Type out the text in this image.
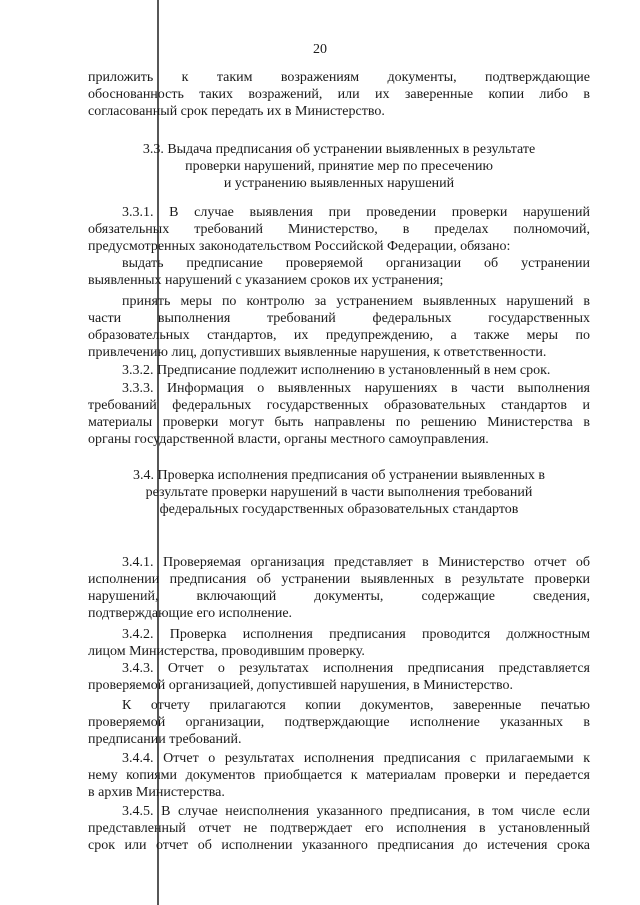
20

приложить к таким возражениям документы, подтверждающие

обоснованность таких возражений, или их заверенные копии либо в

согласованный срок передать их в Министерство.

3.3. Выдача предписания об устранении выявленных в результате

проверки нарушений, принятие мер по пресечению

и устранению выявленных нарушений

3.3.1. В случае выявления при проведении проверки нарушений

обязательных требований Министерство, в пределах полномочий,

предусмотренных законодательством Российской Федерации, обязано:

выдать предписание проверяемой организации об устранении

выявленных нарушений с указанием сроков их устранения;

принять меры по контролю за устранением выявленных нарушений в

части выполнения требований федеральных государственных

образовательных стандартов, их предупреждению, а также меры по

привлечению лиц, допустивших выявленные нарушения, к ответственности.

3.3.2. Предписание подлежит исполнению в установленный в нем срок.

3.3.3. Информация о выявленных нарушениях в части выполнения

требований федеральных государственных образовательных стандартов и

материалы проверки могут быть направлены по решению Министерства в

органы государственной власти, органы местного самоуправления.

3.4. Проверка исполнения предписания об устранении выявленных в

результате проверки нарушений в части выполнения требований

федеральных государственных образовательных стандартов

3.4.1. Проверяемая организация представляет в Министерство отчет об

исполнении предписания об устранении выявленных в результате проверки

нарушений, включающий документы, содержащие сведения,

подтверждающие его исполнение.

3.4.2. Проверка исполнения предписания проводится должностным

лицом Министерства, проводившим проверку.

3.4.3. Отчет о результатах исполнения предписания представляется

проверяемой организацией, допустившей нарушения, в Министерство.

К отчету прилагаются копии документов, заверенные печатью

проверяемой организации, подтверждающие исполнение указанных в

предписании требований.

3.4.4. Отчет о результатах исполнения предписания с прилагаемыми к

нему копиями документов приобщается к материалам проверки и передается

в архив Министерства.

3.4.5. В случае неисполнения указанного предписания, в том числе если

представленный отчет не подтверждает его исполнения в установленный

срок или отчет об исполнении указанного предписания до истечения срока
